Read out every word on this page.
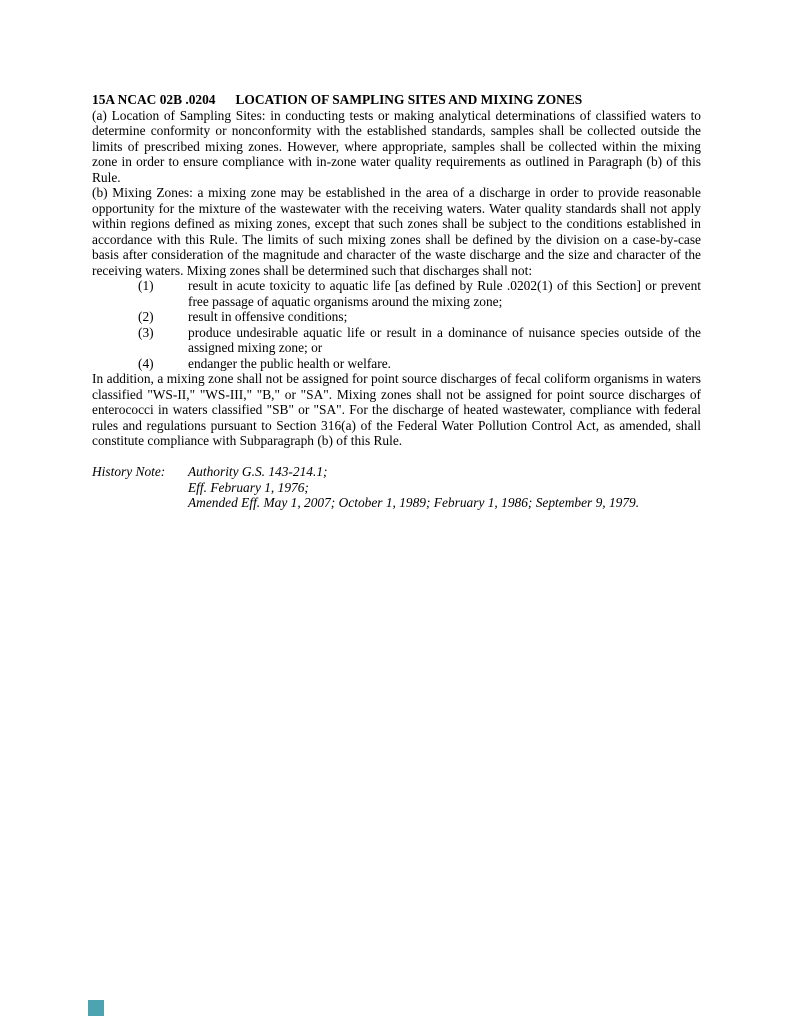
15A NCAC 02B .0204 LOCATION OF SAMPLING SITES AND MIXING ZONES

(a) Location of Sampling Sites: in conducting tests or making analytical determinations of classified waters to determine conformity or nonconformity with the established standards, samples shall be collected outside the limits of prescribed mixing zones. However, where appropriate, samples shall be collected within the mixing zone in order to ensure compliance with in-zone water quality requirements as outlined in Paragraph (b) of this Rule.

(b) Mixing Zones: a mixing zone may be established in the area of a discharge in order to provide reasonable opportunity for the mixture of the wastewater with the receiving waters. Water quality standards shall not apply within regions defined as mixing zones, except that such zones shall be subject to the conditions established in accordance with this Rule. The limits of such mixing zones shall be defined by the division on a case-by-case basis after consideration of the magnitude and character of the waste discharge and the size and character of the receiving waters. Mixing zones shall be determined such that discharges shall not:

(1)	result in acute toxicity to aquatic life [as defined by Rule .0202(1) of this Section] or prevent free passage of aquatic organisms around the mixing zone;
(2)	result in offensive conditions;
(3)	produce undesirable aquatic life or result in a dominance of nuisance species outside of the assigned mixing zone; or
(4)	endanger the public health or welfare.

In addition, a mixing zone shall not be assigned for point source discharges of fecal coliform organisms in waters classified "WS-II," "WS-III," "B," or "SA". Mixing zones shall not be assigned for point source discharges of enterococci in waters classified "SB" or "SA". For the discharge of heated wastewater, compliance with federal rules and regulations pursuant to Section 316(a) of the Federal Water Pollution Control Act, as amended, shall constitute compliance with Subparagraph (b) of this Rule.

History Note:	Authority G.S. 143-214.1;
Eff. February 1, 1976;
Amended Eff. May 1, 2007; October 1, 1989; February 1, 1986; September 9, 1979.
